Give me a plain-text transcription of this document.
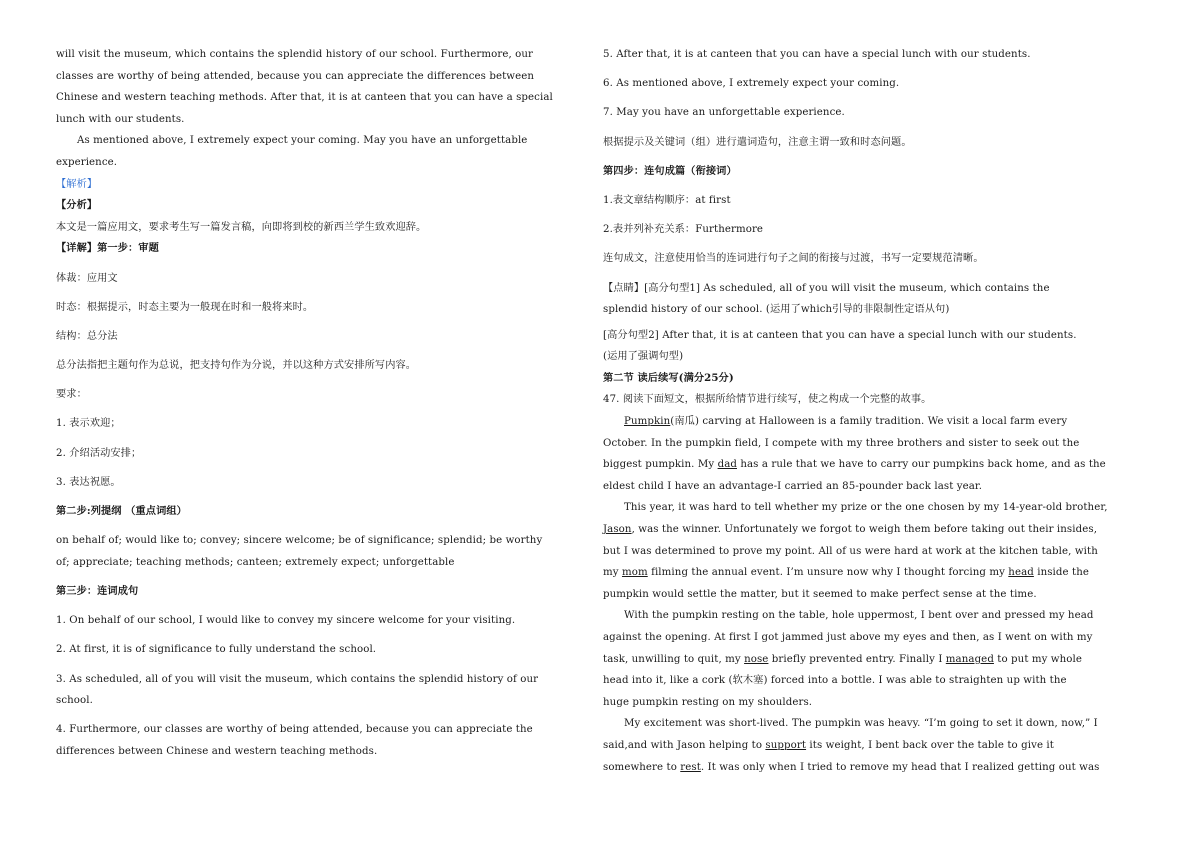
will visit the museum, which contains the splendid history of our school. Furthermore, our
classes are worthy of being attended, because you can appreciate the differences between
Chinese and western teaching methods. After that, it is at canteen that you can have a special
lunch with our students.
As mentioned above, I extremely expect your coming. May you have an unforgettable
experience.
【解析】
【分析】
本文是一篇应用文，要求考生写一篇发言稿，向即将到校的新西兰学生致欢迎辞。
【详解】第一步：审题
体裁：应用文
时态：根据提示，时态主要为一般现在时和一般将来时。
结构：总分法
总分法指把主题句作为总说，把支持句作为分说，并以这种方式安排所写内容。
要求：
1. 表示欢迎；
2. 介绍活动安排；
3. 表达祝愿。
第二步:列提纲 （重点词组）
on behalf of; would like to; convey; sincere welcome; be of significance; splendid; be worthy
of; appreciate; teaching methods; canteen; extremely expect; unforgettable
第三步：连词成句
1. On behalf of our school, I would like to convey my sincere welcome for your visiting.
2. At first, it is of significance to fully understand the school.
3. As scheduled, all of you will visit the museum, which contains the splendid history of our
school.
4. Furthermore, our classes are worthy of being attended, because you can appreciate the
differences between Chinese and western teaching methods.
5. After that, it is at canteen that you can have a special lunch with our students.
6. As mentioned above, I extremely expect your coming.
7. May you have an unforgettable experience.
根据提示及关键词（组）进行遣词造句，注意主谓一致和时态问题。
第四步：连句成篇（衔接词）
1.表文章结构顺序：at first
2.表并列补充关系：Furthermore
连句成文，注意使用恰当的连词进行句子之间的衔接与过渡，书写一定要规范清晰。
【点睛】[高分句型1] As scheduled, all of you will visit the museum, which contains the
splendid history of our school. (运用了which引导的非限制性定语从句)
[高分句型2] After that, it is at canteen that you can have a special lunch with our students.
(运用了强调句型)
第二节 读后续写(满分25分)
47. 阅读下面短文，根据所给情节进行续写，使之构成一个完整的故事。
Pumpkin(南瓜) carving at Halloween is a family tradition. We visit a local farm every
October. In the pumpkin field, I compete with my three brothers and sister to seek out the
biggest pumpkin. My dad has a rule that we have to carry our pumpkins back home, and as the
eldest child I have an advantage-I carried an 85-pounder back last year.
This year, it was hard to tell whether my prize or the one chosen by my 14-year-old brother,
Jason, was the winner. Unfortunately we forgot to weigh them before taking out their insides,
but I was determined to prove my point. All of us were hard at work at the kitchen table, with
my mom filming the annual event. I’m unsure now why I thought forcing my head inside the
pumpkin would settle the matter, but it seemed to make perfect sense at the time.
With the pumpkin resting on the table, hole uppermost, I bent over and pressed my head
against the opening. At first I got jammed just above my eyes and then, as I went on with my
task, unwilling to quit, my nose briefly prevented entry. Finally I managed to put my whole
head into it, like a cork (软木塞) forced into a bottle. I was able to straighten up with the
huge pumpkin resting on my shoulders.
My excitement was short-lived. The pumpkin was heavy. “I’m going to set it down, now,” I
said,and with Jason helping to support its weight, I bent back over the table to give it
somewhere to rest. It was only when I tried to remove my head that I realized getting out was
